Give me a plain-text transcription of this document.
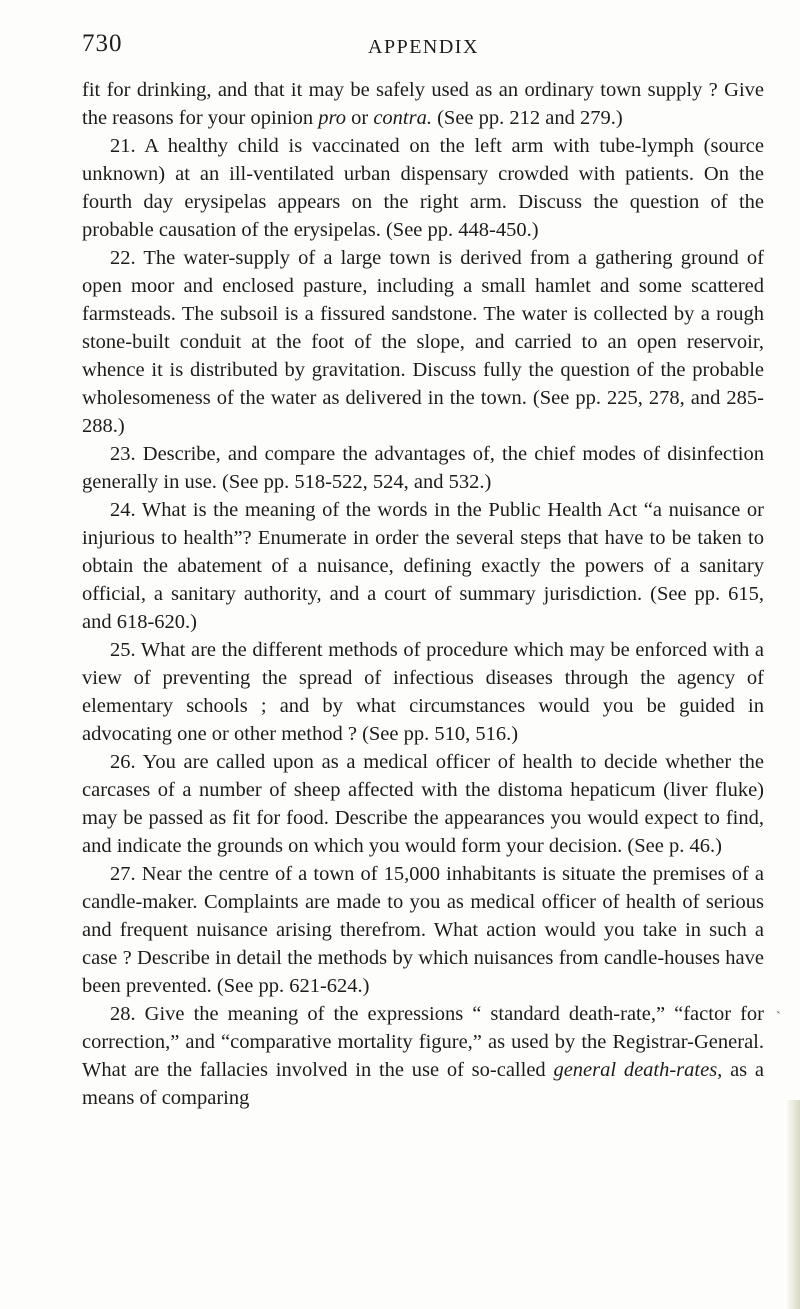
730	APPENDIX

fit for drinking, and that it may be safely used as an ordinary town supply ? Give the reasons for your opinion pro or contra. (See pp. 212 and 279.)

21. A healthy child is vaccinated on the left arm with tube-lymph (source unknown) at an ill-ventilated urban dispensary crowded with patients. On the fourth day erysipelas appears on the right arm. Discuss the question of the probable causation of the erysipelas. (See pp. 448-450.)

22. The water-supply of a large town is derived from a gathering ground of open moor and enclosed pasture, including a small hamlet and some scattered farmsteads. The subsoil is a fissured sandstone. The water is collected by a rough stone-built conduit at the foot of the slope, and carried to an open reservoir, whence it is distributed by gravitation. Discuss fully the question of the probable wholesomeness of the water as delivered in the town. (See pp. 225, 278, and 285-288.)

23. Describe, and compare the advantages of, the chief modes of disinfection generally in use. (See pp. 518-522, 524, and 532.)

24. What is the meaning of the words in the Public Health Act “a nuisance or injurious to health”? Enumerate in order the several steps that have to be taken to obtain the abatement of a nuisance, defining exactly the powers of a sanitary official, a sanitary authority, and a court of summary jurisdiction. (See pp. 615, and 618-620.)

25. What are the different methods of procedure which may be enforced with a view of preventing the spread of infectious diseases through the agency of elementary schools ; and by what circumstances would you be guided in advocating one or other method ? (See pp. 510, 516.)

26. You are called upon as a medical officer of health to decide whether the carcases of a number of sheep affected with the distoma hepaticum (liver fluke) may be passed as fit for food. Describe the appearances you would expect to find, and indicate the grounds on which you would form your decision. (See p. 46.)

27. Near the centre of a town of 15,000 inhabitants is situate the premises of a candle-maker. Complaints are made to you as medical officer of health of serious and frequent nuisance arising therefrom. What action would you take in such a case ? Describe in detail the methods by which nuisances from candle-houses have been prevented. (See pp. 621-624.)

28. Give the meaning of the expressions “ standard death-rate,” “factor for correction,” and “comparative mortality figure,” as used by the Registrar-General. What are the fallacies involved in the use of so-called general death-rates, as a means of comparing

`
